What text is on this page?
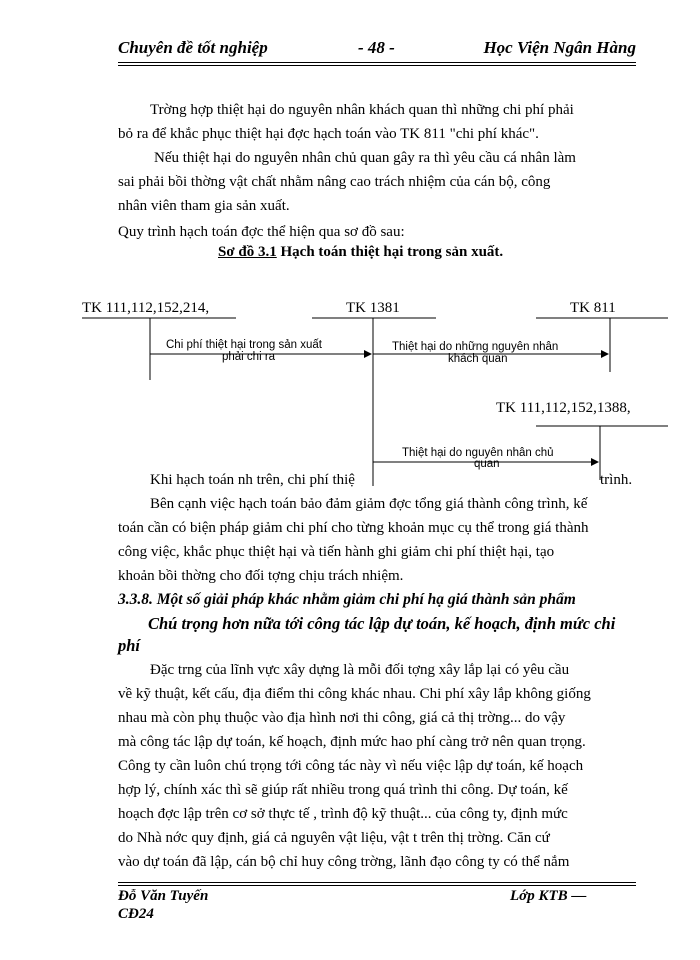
Chuyên đề tốt nghiệp	- 48 -	Học Viện Ngân Hàng
Trờng hợp thiệt hại do nguyên nhân khách quan thì những chi phí phải
bỏ ra để khắc phục thiệt hại đợc hạch toán vào TK 811 "chi phí khác".
Nếu thiệt hại do nguyên nhân chủ quan gây ra thì yêu cầu cá nhân làm
sai phải bồi thờng vật chất nhằm nâng cao trách nhiệm của cán bộ, công
nhân viên tham gia sản xuất.
Quy trình hạch toán đợc thể hiện qua sơ đồ sau:
Sơ đồ 3.1 Hạch toán thiệt hại trong sản xuất.
TK 111,112,152,214,	TK 1381	TK 811
TK 111,112,152,1388,
Chi phí thiệt hại trong sản xuất
phải chi ra
Thiệt hại do những nguyên nhân
khách quan
Thiệt hại do nguyên nhân chủ
quan
Khi hạch toán nh trên, chi phí thiệ	trình.
Bên cạnh việc hạch toán bảo đảm giảm đợc tổng giá thành công trình, kế
toán cần có biện pháp giảm chi phí cho từng khoản mục cụ thể trong giá thành
công việc, khắc phục thiệt hại và tiến hành ghi giảm chi phí thiệt hại, tạo
khoản bồi thờng cho đối tợng chịu trách nhiệm.
3.3.8. Một số giải pháp khác nhằm giảm chi phí hạ giá thành sản phẩm
Chú trọng hơn nữa tới công tác lập dự toán, kế hoạch, định mức chi
phí
Đặc trng của lĩnh vực xây dựng là mỗi đối tợng xây lắp lại có yêu cầu
về kỹ thuật, kết cấu, địa điểm thi công khác nhau. Chi phí xây lắp không giống
nhau mà còn phụ thuộc vào địa hình nơi thi công, giá cả thị trờng... do vậy
mà công tác lập dự toán, kế hoạch, định mức hao phí càng trở nên quan trọng.
Công ty cần luôn chú trọng tới công tác này vì nếu việc lập dự toán, kế hoạch
hợp lý, chính xác thì sẽ giúp rất nhiều trong quá trình thi công. Dự toán, kế
hoạch đợc lập trên cơ sở thực tế , trình độ kỹ thuật... của công ty, định mức
do Nhà nớc quy định, giá cả nguyên vật liệu, vật t trên thị trờng. Căn cứ
vào dự toán đã lập, cán bộ chỉ huy công trờng, lãnh đạo công ty có thể nắm
Đỗ Văn Tuyến
CĐ24
Lớp KTB —
